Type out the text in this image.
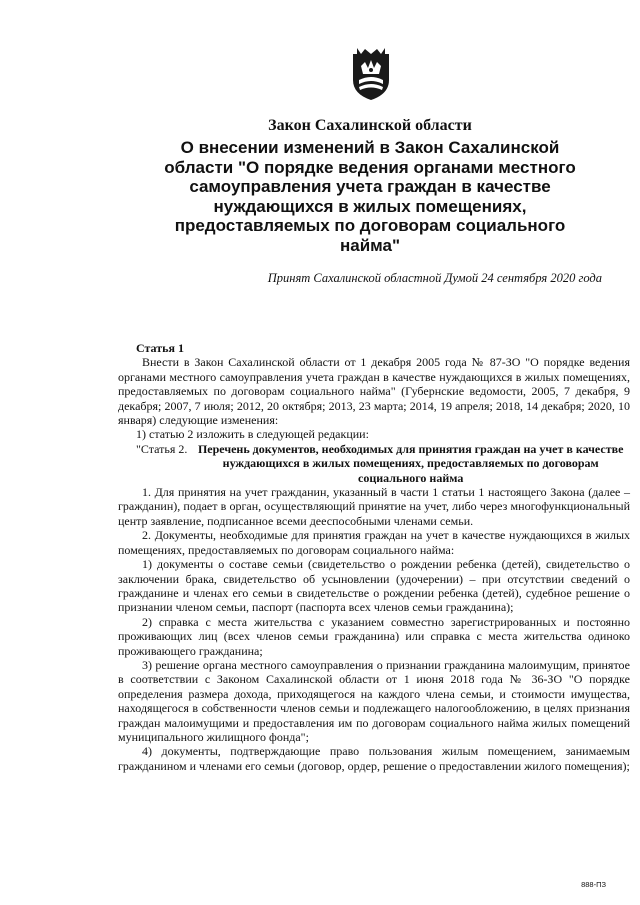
Закон Сахалинской области
О внесении изменений в Закон Сахалинской области "О порядке ведения органами местного самоуправления учета граждан в качестве нуждающихся в жилых помещениях, предоставляемых по договорам социального найма"
Принят Сахалинской областной Думой 24 сентября 2020 года

Статья 1

Внести в Закон Сахалинской области от 1 декабря 2005 года № 87-ЗО "О порядке ведения органами местного самоуправления учета граждан в качестве нуждающихся в жилых помещениях, предоставляемых по договорам социального найма" (Губернские ведомости, 2005, 7 декабря, 9 декабря; 2007, 7 июля; 2012, 20 октября; 2013, 23 марта; 2014, 19 апреля; 2018, 14 декабря; 2020, 10 января) следующие изменения:

1) статью 2 изложить в следующей редакции:

"Статья 2. Перечень документов, необходимых для принятия граждан на учет в качестве нуждающихся в жилых помещениях, предоставляемых по договорам социального найма

1. Для принятия на учет гражданин, указанный в части 1 статьи 1 настоящего Закона (далее – гражданин), подает в орган, осуществляющий принятие на учет, либо через многофункциональный центр заявление, подписанное всеми дееспособными членами семьи.

2. Документы, необходимые для принятия граждан на учет в качестве нуждающихся в жилых помещениях, предоставляемых по договорам социального найма:

1) документы о составе семьи (свидетельство о рождении ребенка (детей), свидетельство о заключении брака, свидетельство об усыновлении (удочерении) – при отсутствии сведений о гражданине и членах его семьи в свидетельстве о рождении ребенка (детей), судебное решение о признании членом семьи, паспорт (паспорта всех членов семьи гражданина);

2) справка с места жительства с указанием совместно зарегистрированных и постоянно проживающих лиц (всех членов семьи гражданина) или справка с места жительства одиноко проживающего гражданина;

3) решение органа местного самоуправления о признании гражданина малоимущим, принятое в соответствии с Законом Сахалинской области от 1 июня 2018 года № 36-ЗО "О порядке определения размера дохода, приходящегося на каждого члена семьи, и стоимости имущества, находящегося в собственности членов семьи и подлежащего налогообложению, в целях признания граждан малоимущими и предоставления им по договорам социального найма жилых помещений муниципального жилищного фонда";

4) документы, подтверждающие право пользования жилым помещением, занимаемым гражданином и членами его семьи (договор, ордер, решение о предоставлении жилого помещения);

888-ПЗ
